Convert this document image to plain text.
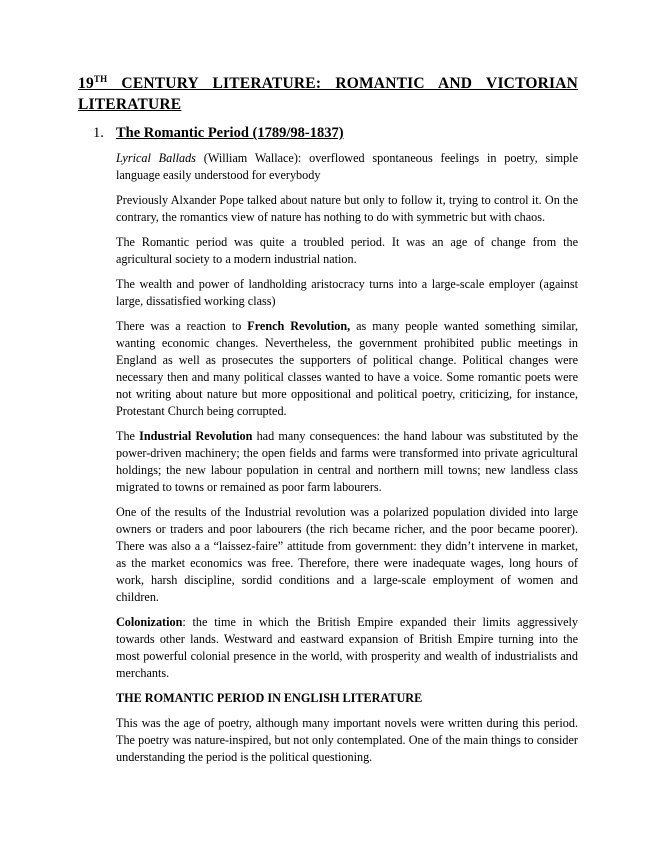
19TH CENTURY LITERATURE: ROMANTIC AND VICTORIAN
LITERATURE
1. The Romantic Period (1789/98-1837)

Lyrical Ballads (William Wallace): overflowed spontaneous feelings in poetry, simple language easily understood for everybody

Previously Alxander Pope talked about nature but only to follow it, trying to control it. On the contrary, the romantics view of nature has nothing to do with symmetric but with chaos.

The Romantic period was quite a troubled period. It was an age of change from the agricultural society to a modern industrial nation.

The wealth and power of landholding aristocracy turns into a large-scale employer (against large, dissatisfied working class)

There was a reaction to French Revolution, as many people wanted something similar, wanting economic changes. Nevertheless, the government prohibited public meetings in England as well as prosecutes the supporters of political change. Political changes were necessary then and many political classes wanted to have a voice. Some romantic poets were not writing about nature but more oppositional and political poetry, criticizing, for instance, Protestant Church being corrupted.

The Industrial Revolution had many consequences: the hand labour was substituted by the power-driven machinery; the open fields and farms were transformed into private agricultural holdings; the new labour population in central and northern mill towns; new landless class migrated to towns or remained as poor farm labourers.

One of the results of the Industrial revolution was a polarized population divided into large owners or traders and poor labourers (the rich became richer, and the poor became poorer). There was also a a “laissez-faire” attitude from government: they didn’t intervene in market, as the market economics was free. Therefore, there were inadequate wages, long hours of work, harsh discipline, sordid conditions and a large-scale employment of women and children.

Colonization: the time in which the British Empire expanded their limits aggressively towards other lands. Westward and eastward expansion of British Empire turning into the most powerful colonial presence in the world, with prosperity and wealth of industrialists and merchants.

THE ROMANTIC PERIOD IN ENGLISH LITERATURE

This was the age of poetry, although many important novels were written during this period. The poetry was nature-inspired, but not only contemplated. One of the main things to consider understanding the period is the political questioning.
